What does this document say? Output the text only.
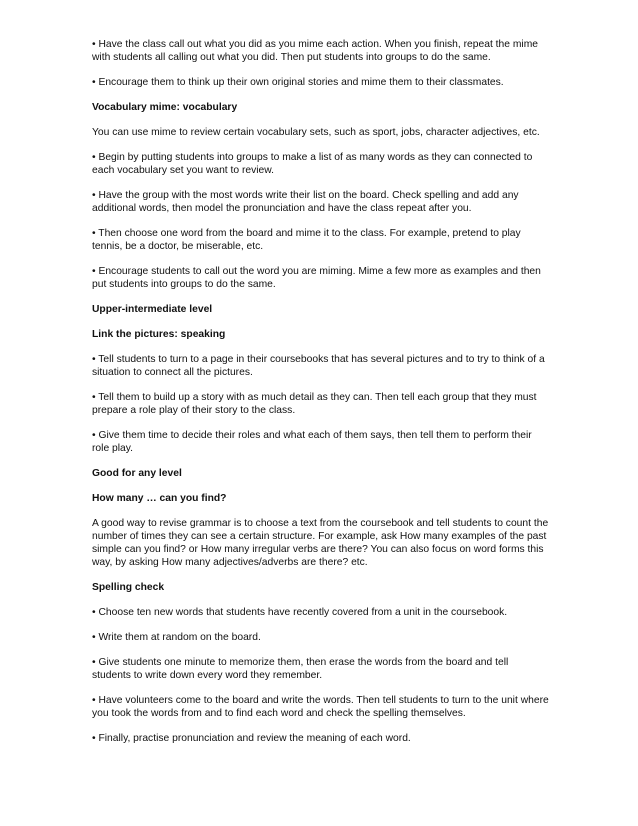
• Have the class call out what you did as you mime each action. When you finish, repeat the mime with students all calling out what you did. Then put students into groups to do the same.

• Encourage them to think up their own original stories and mime them to their classmates.

Vocabulary mime: vocabulary

You can use mime to review certain vocabulary sets, such as sport, jobs, character adjectives, etc.

• Begin by putting students into groups to make a list of as many words as they can connected to each vocabulary set you want to review.

• Have the group with the most words write their list on the board. Check spelling and add any additional words, then model the pronunciation and have the class repeat after you.

• Then choose one word from the board and mime it to the class. For example, pretend to play tennis, be a doctor, be miserable, etc.

• Encourage students to call out the word you are miming. Mime a few more as examples and then put students into groups to do the same.

Upper-intermediate level

Link the pictures: speaking

• Tell students to turn to a page in their coursebooks that has several pictures and to try to think of a situation to connect all the pictures.

• Tell them to build up a story with as much detail as they can. Then tell each group that they must prepare a role play of their story to the class.

• Give them time to decide their roles and what each of them says, then tell them to perform their role play.

Good for any level

How many … can you find?

A good way to revise grammar is to choose a text from the coursebook and tell students to count the number of times they can see a certain structure. For example, ask How many examples of the past simple can you find? or How many irregular verbs are there? You can also focus on word forms this way, by asking How many adjectives/adverbs are there? etc.

Spelling check

• Choose ten new words that students have recently covered from a unit in the coursebook.

• Write them at random on the board.

• Give students one minute to memorize them, then erase the words from the board and tell students to write down every word they remember.

• Have volunteers come to the board and write the words. Then tell students to turn to the unit where you took the words from and to find each word and check the spelling themselves.

• Finally, practise pronunciation and review the meaning of each word.
